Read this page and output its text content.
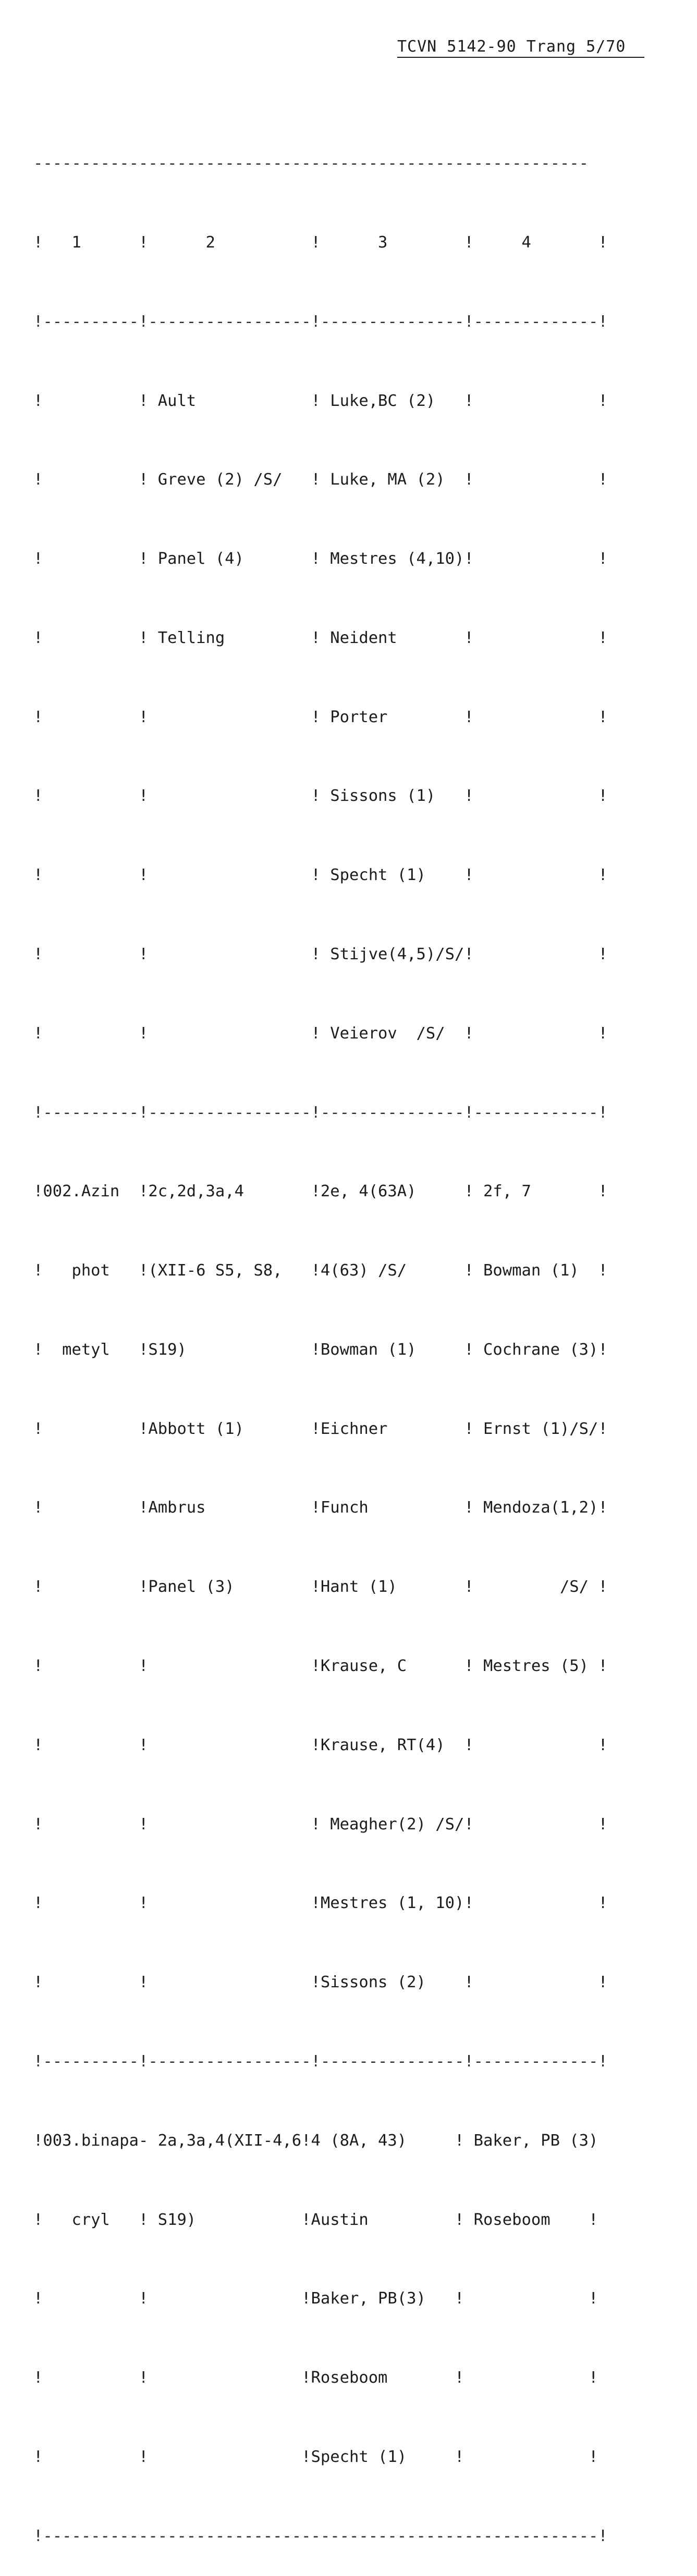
TCVN 5142-90 Trang 5/70

----------------------------------------------------------

!   1      !      2          !      3        !     4       !

!----------!-----------------!---------------!-------------!

!          ! Ault            ! Luke,BC (2)   !             !

!          ! Greve (2) /S/   ! Luke, MA (2)  !             !

!          ! Panel (4)       ! Mestres (4,10)!             !

!          ! Telling         ! Neident       !             !

!          !                 ! Porter        !             !

!          !                 ! Sissons (1)   !             !

!          !                 ! Specht (1)    !             !

!          !                 ! Stijve(4,5)/S/!             !

!          !                 ! Veierov  /S/  !             !

!----------!-----------------!---------------!-------------!

!002.Azin  !2c,2d,3a,4       !2e, 4(63A)     ! 2f, 7       !

!   phot   !(XII-6 S5, S8,   !4(63) /S/      ! Bowman (1)  !

!  metyl   !S19)             !Bowman (1)     ! Cochrane (3)!

!          !Abbott (1)       !Eichner        ! Ernst (1)/S/!

!          !Ambrus           !Funch          ! Mendoza(1,2)!

!          !Panel (3)        !Hant (1)       !         /S/ !

!          !                 !Krause, C      ! Mestres (5) !

!          !                 !Krause, RT(4)  !             !

!          !                 ! Meagher(2) /S/!             !

!          !                 !Mestres (1, 10)!             !

!          !                 !Sissons (2)    !             !

!----------!-----------------!---------------!-------------!

!003.binapa- 2a,3a,4(XII-4,6!4 (8A, 43)     ! Baker, PB (3)

!   cryl   ! S19)           !Austin         ! Roseboom    !

!          !                !Baker, PB(3)   !             !

!          !                !Roseboom       !             !

!          !                !Specht (1)     !             !

!----------------------------------------------------------!
